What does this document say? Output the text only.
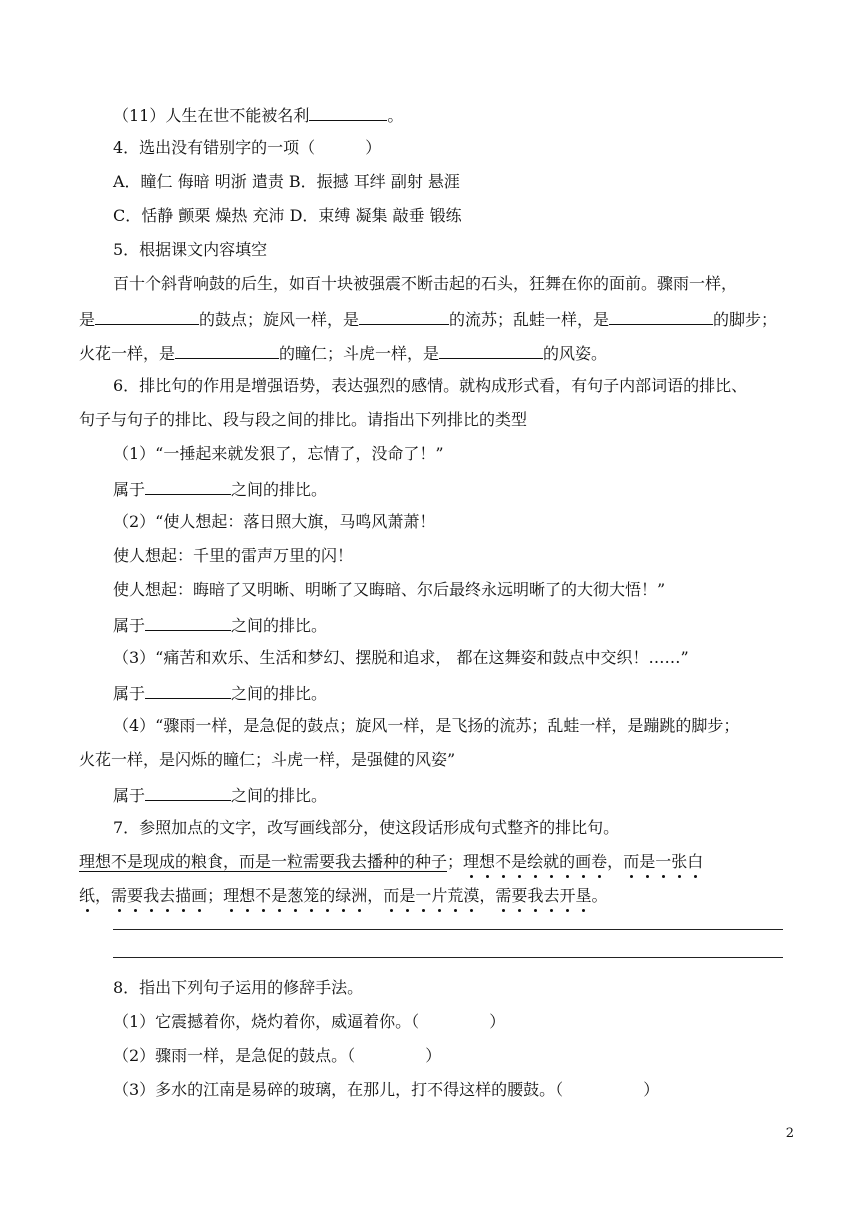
（11）人生在世不能被名利	。
4．选出没有错别字的一项（	）
A．瞳仁 侮暗 明浙 遣责 B．振撼 耳绊 副射 悬涯
C．恬静 颤栗 燥热 充沛 D．束缚 凝集 敲垂 锻练
5．根据课文内容填空
百十个斜背响鼓的后生，如百十块被强震不断击起的石头，狂舞在你的面前。骤雨一样，
是	的鼓点；旋风一样，是	的流苏；乱蛙一样，是	的脚步；
火花一样，是	的瞳仁；斗虎一样，是	的风姿。
6．排比句的作用是增强语势，表达强烈的感情。就构成形式看，有句子内部词语的排比、
句子与句子的排比、段与段之间的排比。请指出下列排比的类型
（1）“一捶起来就发狠了，忘情了，没命了！”
属于	之间的排比。
（2）“使人想起：落日照大旗，马鸣风萧萧！
使人想起：千里的雷声万里的闪！
使人想起：晦暗了又明晰、明晰了又晦暗、尔后最终永远明晰了的大彻大悟！”
属于	之间的排比。
（3）“痛苦和欢乐、生活和梦幻、摆脱和追求， 都在这舞姿和鼓点中交织！……”
属于	之间的排比。
（4）“骤雨一样，是急促的鼓点；旋风一样，是飞扬的流苏；乱蛙一样，是蹦跳的脚步；
火花一样，是闪烁的瞳仁；斗虎一样，是强健的风姿”
属于	之间的排比。
7．参照加点的文字，改写画线部分，使这段话形成句式整齐的排比句。
理想不是现成的粮食，而是一粒需要我去播种的种子；理想不是绘就的画卷，而是一张白
纸，需要我去描画；理想不是葱笼的绿洲，而是一片荒漠，需要我去开垦。
8．指出下列句子运用的修辞手法。
（1）它震撼着你，烧灼着你，威逼着你。（	）
（2）骤雨一样，是急促的鼓点。（	）
（3）多水的江南是易碎的玻璃，在那儿，打不得这样的腰鼓。（	）
2
